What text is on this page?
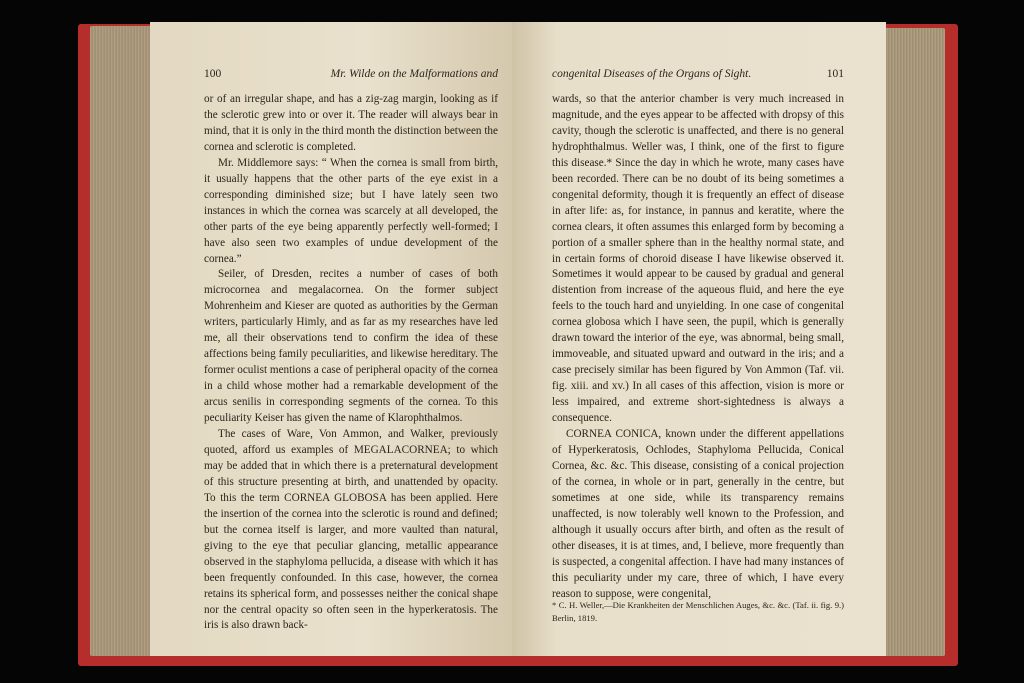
100	Mr. Wilde on the Malformations and

or of an irregular shape, and has a zig-zag margin, looking as if the sclerotic grew into or over it. The reader will always bear in mind, that it is only in the third month the distinction between the cornea and sclerotic is completed.

Mr. Middlemore says: “ When the cornea is small from birth, it usually happens that the other parts of the eye exist in a corresponding diminished size; but I have lately seen two instances in which the cornea was scarcely at all developed, the other parts of the eye being apparently perfectly well-formed; I have also seen two examples of undue development of the cornea.”

Seiler, of Dresden, recites a number of cases of both microcornea and megalacornea. On the former subject Mohrenheim and Kieser are quoted as authorities by the German writers, particularly Himly, and as far as my researches have led me, all their observations tend to confirm the idea of these affections being family peculiarities, and likewise hereditary. The former oculist mentions a case of peripheral opacity of the cornea in a child whose mother had a remarkable development of the arcus senilis in corresponding segments of the cornea. To this peculiarity Keiser has given the name of Klarophthalmos.

The cases of Ware, Von Ammon, and Walker, previously quoted, afford us examples of MEGALACORNEA; to which may be added that in which there is a preternatural development of this structure presenting at birth, and unattended by opacity. To this the term CORNEA GLOBOSA has been applied. Here the insertion of the cornea into the sclerotic is round and defined; but the cornea itself is larger, and more vaulted than natural, giving to the eye that peculiar glancing, metallic appearance observed in the staphyloma pellucida, a disease with which it has been frequently confounded. In this case, however, the cornea retains its spherical form, and possesses neither the conical shape nor the central opacity so often seen in the hyperkeratosis. The iris is also drawn back-

congenital Diseases of the Organs of Sight.	101

wards, so that the anterior chamber is very much increased in magnitude, and the eyes appear to be affected with dropsy of this cavity, though the sclerotic is unaffected, and there is no general hydrophthalmus. Weller was, I think, one of the first to figure this disease.* Since the day in which he wrote, many cases have been recorded. There can be no doubt of its being sometimes a congenital deformity, though it is frequently an effect of disease in after life: as, for instance, in pannus and keratite, where the cornea clears, it often assumes this enlarged form by becoming a portion of a smaller sphere than in the healthy normal state, and in certain forms of choroid disease I have likewise observed it. Sometimes it would appear to be caused by gradual and general distention from increase of the aqueous fluid, and here the eye feels to the touch hard and unyielding. In one case of congenital cornea globosa which I have seen, the pupil, which is generally drawn toward the interior of the eye, was abnormal, being small, immoveable, and situated upward and outward in the iris; and a case precisely similar has been figured by Von Ammon (Taf. vii. fig. xiii. and xv.) In all cases of this affection, vision is more or less impaired, and extreme short-sightedness is always a consequence.

CORNEA CONICA, known under the different appellations of Hyperkeratosis, Ochlodes, Staphyloma Pellucida, Conical Cornea, &c. &c. This disease, consisting of a conical projection of the cornea, in whole or in part, generally in the centre, but sometimes at one side, while its transparency remains unaffected, is now tolerably well known to the Profession, and although it usually occurs after birth, and often as the result of other diseases, it is at times, and, I believe, more frequently than is suspected, a congenital affection. I have had many instances of this peculiarity under my care, three of which, I have every reason to suppose, were congenital,

* C. H. Weller,—Die Krankheiten der Menschlichen Auges, &c. &c. (Taf. ii. fig. 9.) Berlin, 1819.
